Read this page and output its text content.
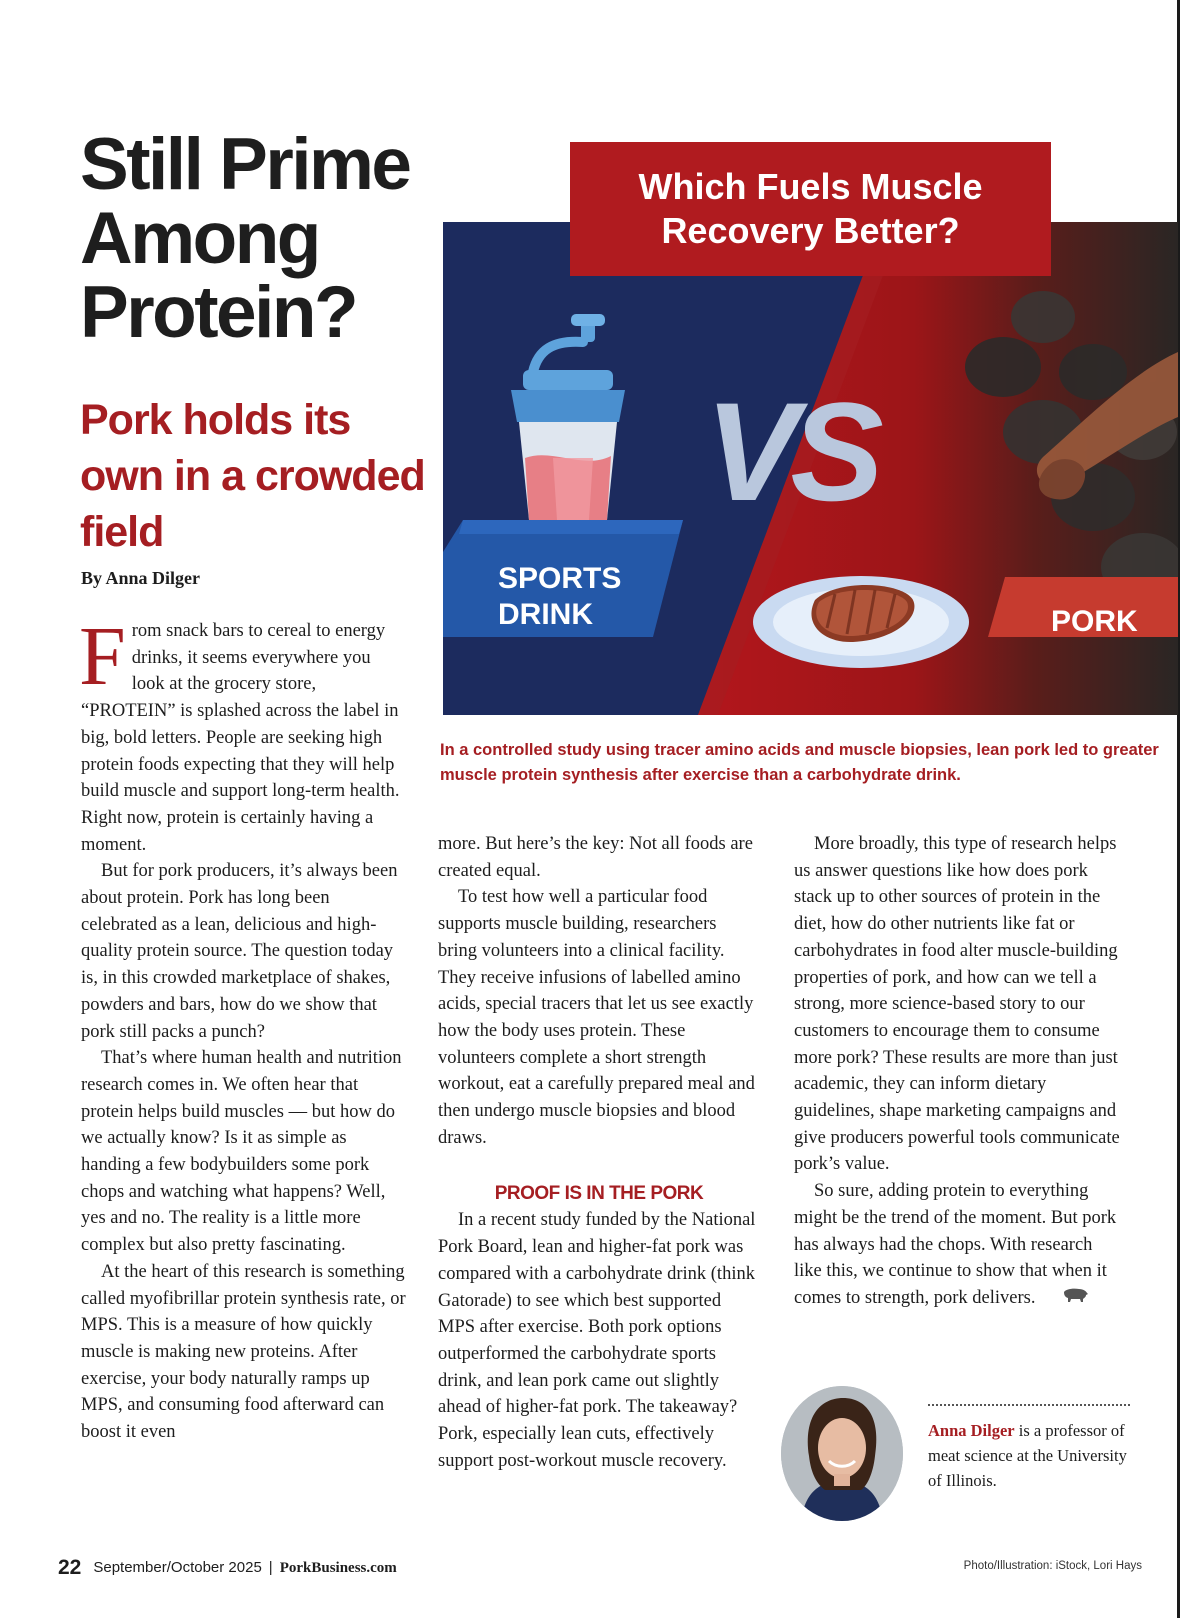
Still Prime Among Protein?
Pork holds its own in a crowded field
By Anna Dilger
VS
Which Fuels Muscle
Recovery Better?
SPORTS
DRINK	PORK

In a controlled study using tracer amino acids and muscle biopsies, lean pork led to greater muscle protein synthesis after exercise than a carbohydrate drink.

From snack bars to cereal to energy drinks, it seems everywhere you look at the grocery store, “PROTEIN” is splashed across the label in big, bold letters. People are seeking high protein foods expecting that they will help build muscle and support long-term health. Right now, protein is certainly having a moment.

But for pork producers, it’s always been about protein. Pork has long been celebrated as a lean, delicious and high-quality protein source. The question today is, in this crowded marketplace of shakes, powders and bars, how do we show that pork still packs a punch?

That’s where human health and nutrition research comes in. We often hear that protein helps build muscles — but how do we actually know? Is it as simple as handing a few bodybuilders some pork chops and watching what happens? Well, yes and no. The reality is a little more complex but also pretty fascinating.

At the heart of this research is something called myofibrillar protein synthesis rate, or MPS. This is a measure of how quickly muscle is making new proteins. After exercise, your body naturally ramps up MPS, and consuming food afterward can boost it even

more. But here’s the key: Not all foods are created equal.

To test how well a particular food supports muscle building, researchers bring volunteers into a clinical facility. They receive infusions of labelled amino acids, special tracers that let us see exactly how the body uses protein. These volunteers complete a short strength workout, eat a carefully prepared meal and then undergo muscle biopsies and blood draws.

PROOF IS IN THE PORK

In a recent study funded by the National Pork Board, lean and higher-fat pork was compared with a carbohydrate drink (think Gatorade) to see which best supported MPS after exercise. Both pork options outperformed the carbohydrate sports drink, and lean pork came out slightly ahead of higher-fat pork. The takeaway? Pork, especially lean cuts, effectively support post-workout muscle recovery.

More broadly, this type of research helps us answer questions like how does pork stack up to other sources of protein in the diet, how do other nutrients like fat or carbohydrates in food alter muscle-building properties of pork, and how can we tell a strong, more science-based story to our customers to encourage them to consume more pork? These results are more than just academic, they can inform dietary guidelines, shape marketing campaigns and give producers powerful tools communicate pork’s value.

So sure, adding protein to everything might be the trend of the moment. But pork has always had the chops. With research like this, we continue to show that when it comes to strength, pork delivers.

Anna Dilger is a professor of meat science at the University of Illinois.

22 September/October 2025 | PorkBusiness.com	Photo/Illustration: iStock, Lori Hays
